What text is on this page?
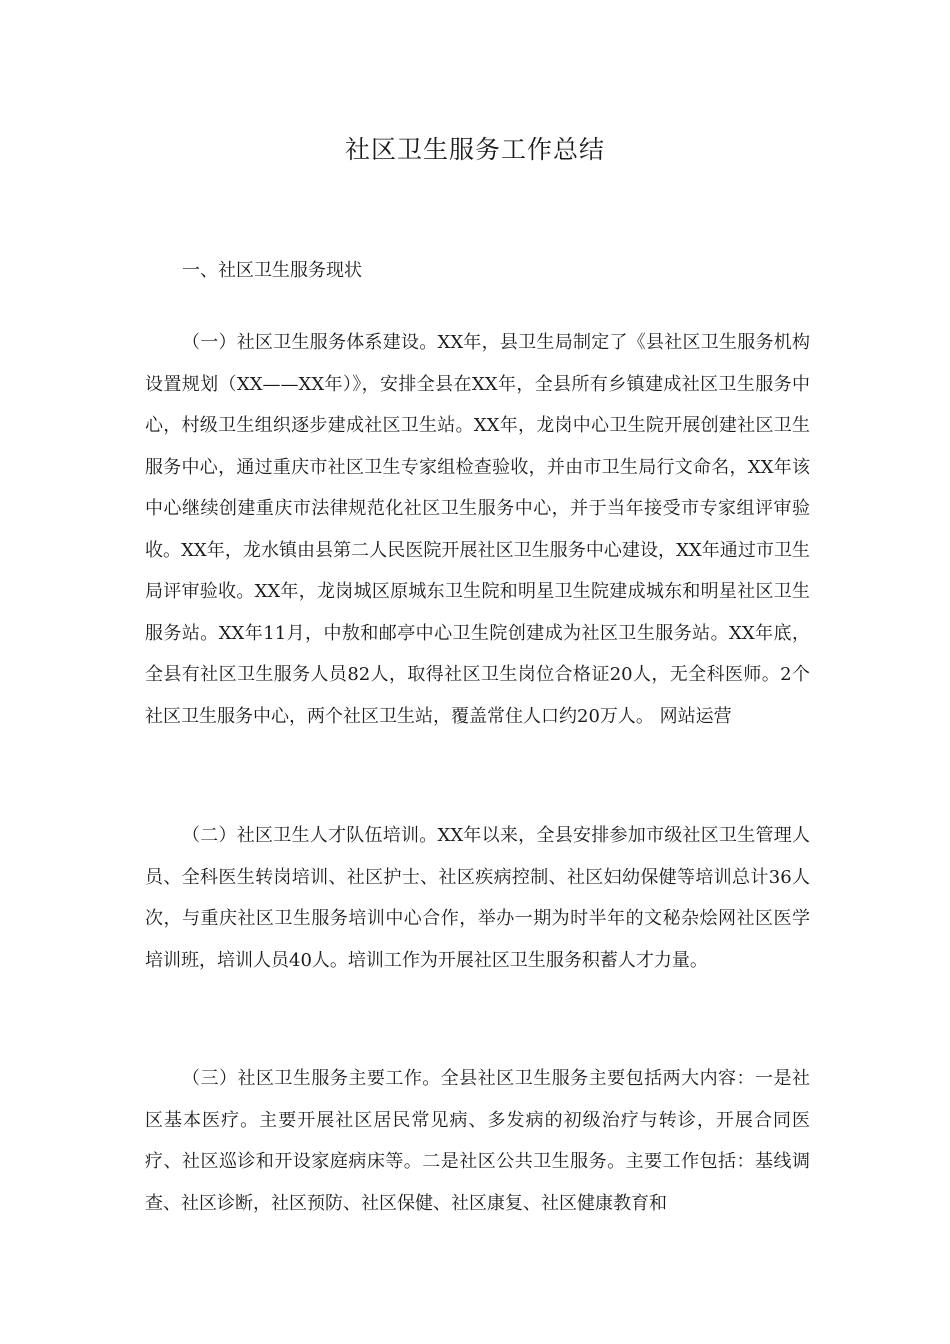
社区卫生服务工作总结
一、社区卫生服务现状

（一）社区卫生服务体系建设。XX年，县卫生局制定了《县社区卫生服务机构设置规划（XX——XX年）》，安排全县在XX年，全县所有乡镇建成社区卫生服务中心，村级卫生组织逐步建成社区卫生站。XX年，龙岗中心卫生院开展创建社区卫生服务中心，通过重庆市社区卫生专家组检查验收，并由市卫生局行文命名，XX年该中心继续创建重庆市法律规范化社区卫生服务中心，并于当年接受市专家组评审验收。XX年，龙水镇由县第二人民医院开展社区卫生服务中心建设，XX年通过市卫生局评审验收。XX年，龙岗城区原城东卫生院和明星卫生院建成城东和明星社区卫生服务站。XX年11月，中敖和邮亭中心卫生院创建成为社区卫生服务站。XX年底，全县有社区卫生服务人员82人，取得社区卫生岗位合格证20人，无全科医师。2个社区卫生服务中心，两个社区卫生站，覆盖常住人口约20万人。 网站运营

（二）社区卫生人才队伍培训。XX年以来，全县安排参加市级社区卫生管理人员、全科医生转岗培训、社区护士、社区疾病控制、社区妇幼保健等培训总计36人次，与重庆社区卫生服务培训中心合作，举办一期为时半年的文秘杂烩网社区医学培训班，培训人员40人。培训工作为开展社区卫生服务积蓄人才力量。

（三）社区卫生服务主要工作。全县社区卫生服务主要包括两大内容：一是社区基本医疗。主要开展社区居民常见病、多发病的初级治疗与转诊，开展合同医疗、社区巡诊和开设家庭病床等。二是社区公共卫生服务。主要工作包括：基线调查、社区诊断，社区预防、社区保健、社区康复、社区健康教育和
